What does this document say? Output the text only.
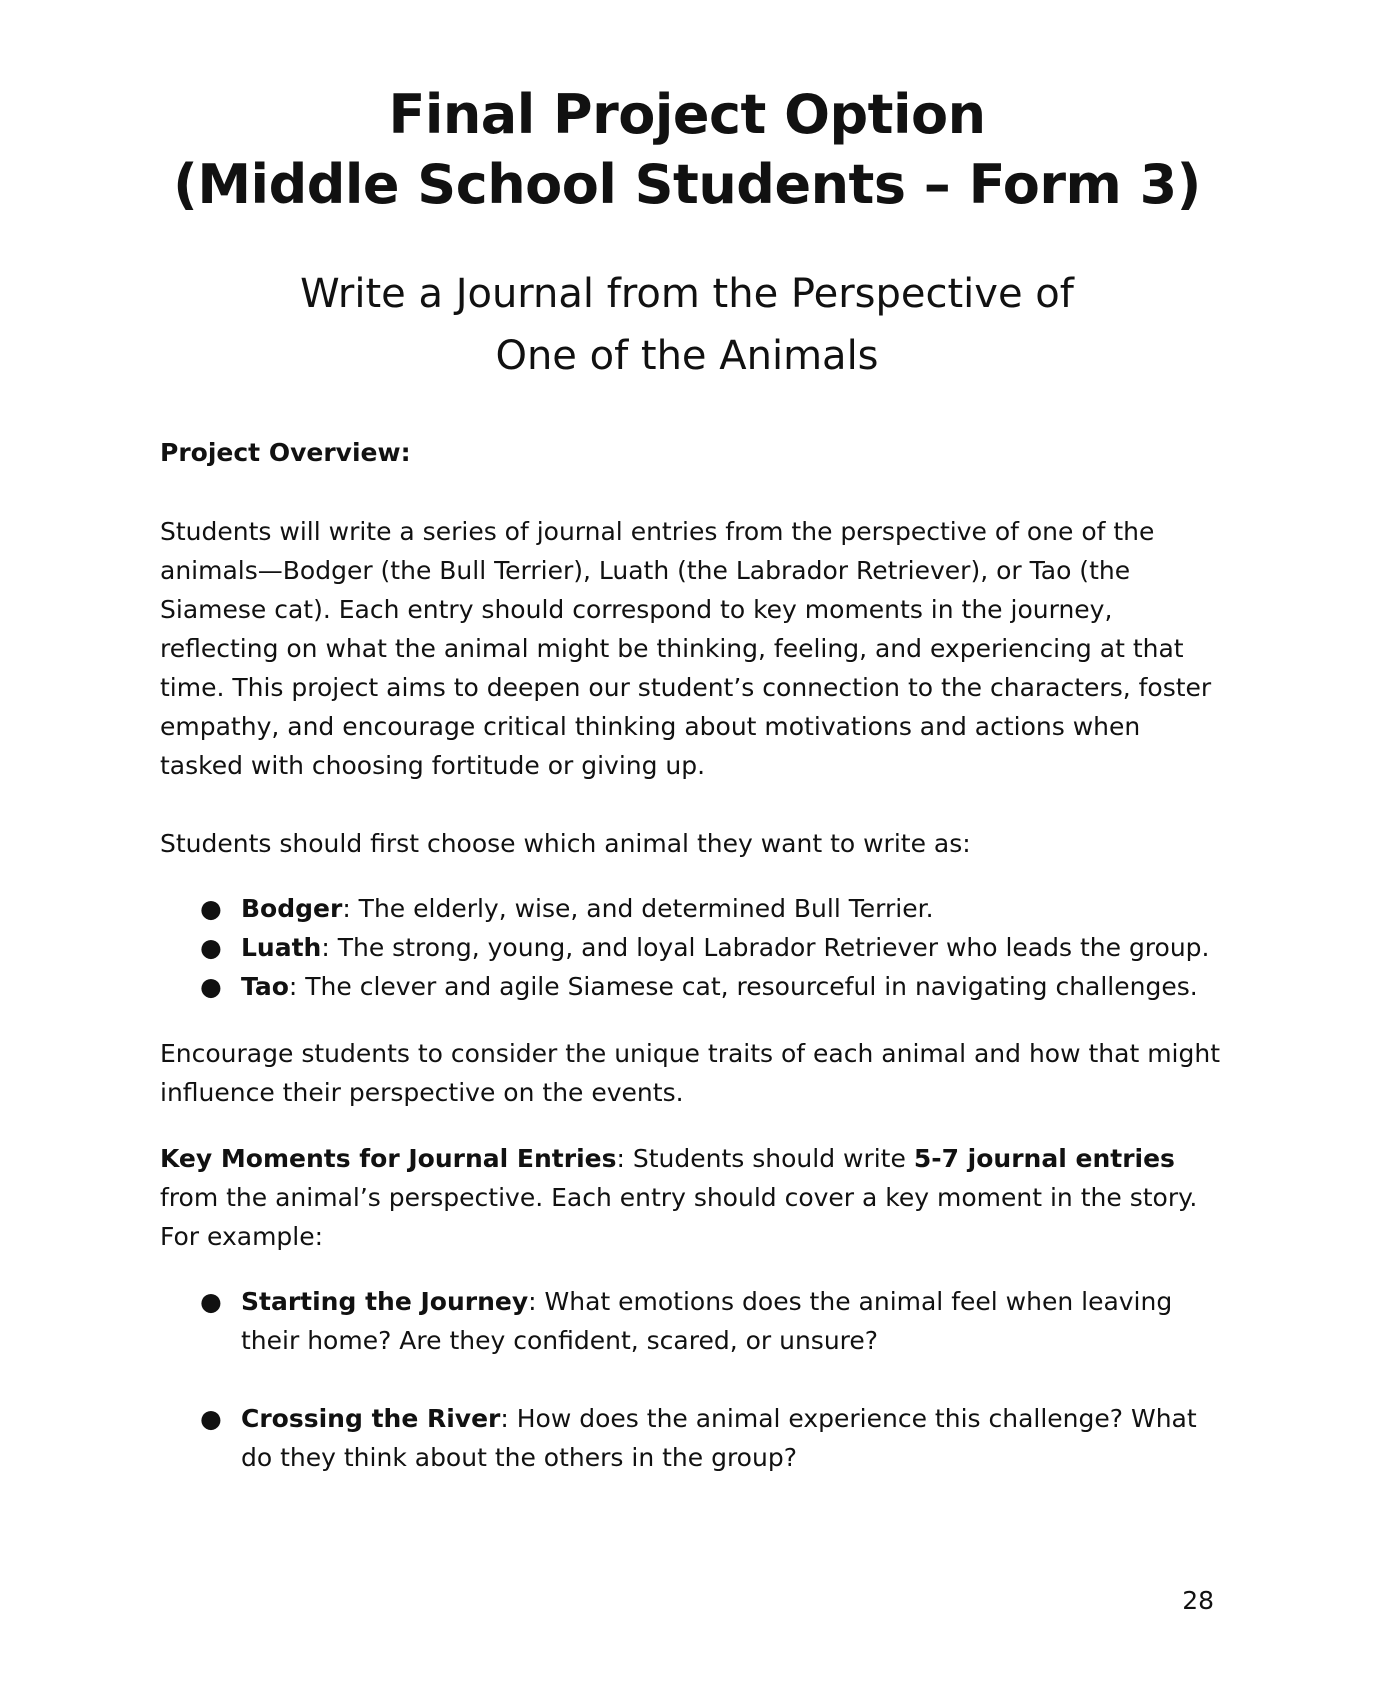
Final Project Option
(Middle School Students – Form 3)
Write a Journal from the Perspective of
One of the Animals
Project Overview:
Students will write a series of journal entries from the perspective of one of the animals—Bodger (the Bull Terrier), Luath (the Labrador Retriever), or Tao (the Siamese cat). Each entry should correspond to key moments in the journey, reflecting on what the animal might be thinking, feeling, and experiencing at that time. This project aims to deepen our student’s connection to the characters, foster empathy, and encourage critical thinking about motivations and actions when tasked with choosing fortitude or giving up.
Students should first choose which animal they want to write as:
● Bodger: The elderly, wise, and determined Bull Terrier.
● Luath: The strong, young, and loyal Labrador Retriever who leads the group.
● Tao: The clever and agile Siamese cat, resourceful in navigating challenges.
Encourage students to consider the unique traits of each animal and how that might influence their perspective on the events.
Key Moments for Journal Entries: Students should write 5-7 journal entries from the animal’s perspective. Each entry should cover a key moment in the story. For example:
● Starting the Journey: What emotions does the animal feel when leaving their home? Are they confident, scared, or unsure?
● Crossing the River: How does the animal experience this challenge? What do they think about the others in the group?
28
